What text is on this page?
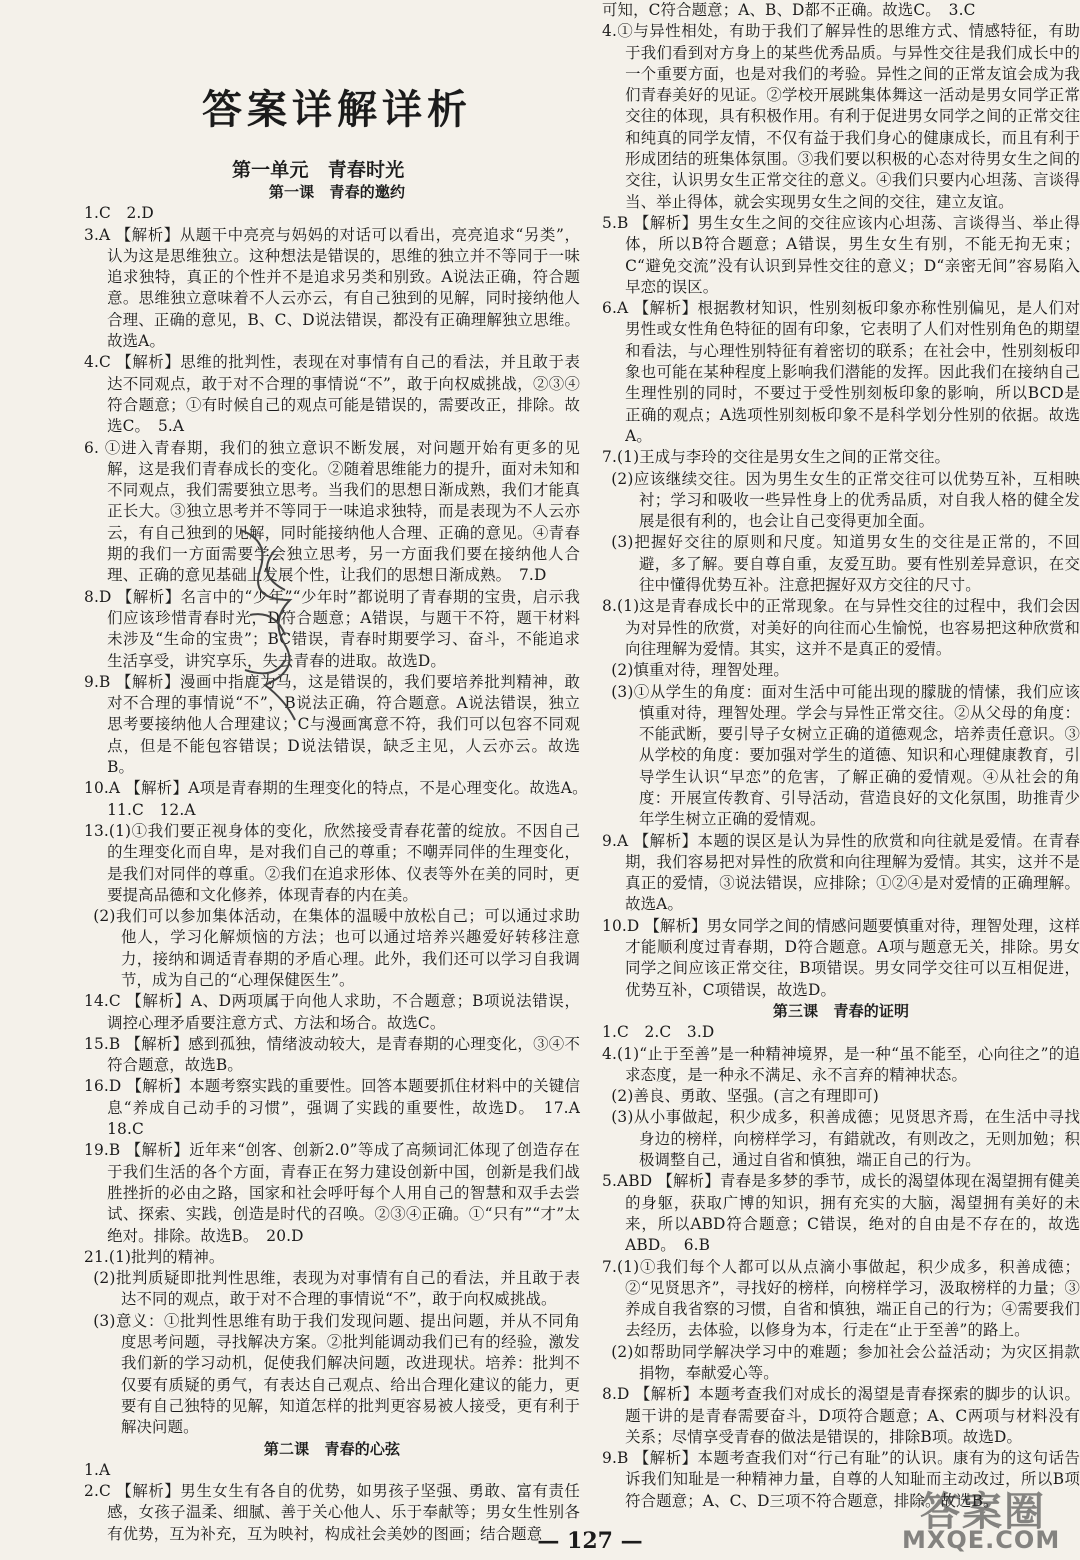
答案详解详析
第一单元　青春时光
第一课　青春的邀约

1.C　2.D

3.A 【解析】从题干中亮亮与妈妈的对话可以看出，亮亮追求“另类”，认为这是思维独立。这种想法是错误的，思维的独立并不等同于一味追求独特，真正的个性并不是追求另类和别致。A说法正确，符合题意。思维独立意味着不人云亦云，有自己独到的见解，同时接纳他人合理、正确的意见，B、C、D说法错误，都没有正确理解独立思维。故选A。

4.C 【解析】思维的批判性，表现在对事情有自己的看法，并且敢于表达不同观点，敢于对不合理的事情说“不”，敢于向权威挑战，②③④符合题意；①有时候自己的观点可能是错误的，需要改正，排除。故选C。　5.A

6. ①进入青春期，我们的独立意识不断发展，对问题开始有更多的见解，这是我们青春成长的变化。②随着思维能力的提升，面对未知和不同观点，我们需要独立思考。当我们的思想日渐成熟，我们才能真正长大。③独立思考并不等同于一味追求独特，而是表现为不人云亦云，有自己独到的见解，同时能接纳他人合理、正确的意见。④青春期的我们一方面需要学会独立思考，另一方面我们要在接纳他人合理、正确的意见基础上发展个性，让我们的思想日渐成熟。　7.D

8.D 【解析】名言中的“少年”“少年时”都说明了青春期的宝贵，启示我们应该珍惜青春时光，D符合题意；A错误，与题干不符，题干材料未涉及“生命的宝贵”；BC错误，青春时期要学习、奋斗，不能追求生活享受，讲究享乐，失去青春的进取。故选D。

9.B 【解析】漫画中指鹿为马，这是错误的，我们要培养批判精神，敢对不合理的事情说“不”，B说法正确，符合题意。A说法错误，独立思考要接纳他人合理建议；C与漫画寓意不符，我们可以包容不同观点，但是不能包容错误；D说法错误，缺乏主见，人云亦云。故选B。

10.A 【解析】A项是青春期的生理变化的特点，不是心理变化。故选A。　11.C　12.A

13.(1)①我们要正视身体的变化，欣然接受青春花蕾的绽放。不因自己的生理变化而自卑，是对我们自己的尊重；不嘲弄同伴的生理变化，是我们对同伴的尊重。②我们在追求形体、仪表等外在美的同时，更要提高品德和文化修养，体现青春的内在美。

(2)我们可以参加集体活动，在集体的温暖中放松自己；可以通过求助他人，学习化解烦恼的方法；也可以通过培养兴趣爱好转移注意力，接纳和调适青春期的矛盾心理。此外，我们还可以学习自我调节，成为自己的“心理保健医生”。

14.C 【解析】A、D两项属于向他人求助，不合题意；B项说法错误，调控心理矛盾要注意方式、方法和场合。故选C。

15.B 【解析】感到孤独，情绪波动较大，是青春期的心理变化，③④不符合题意，故选B。

16.D 【解析】本题考察实践的重要性。回答本题要抓住材料中的关键信息“养成自己动手的习惯”，强调了实践的重要性，故选D。　17.A　18.C

19.B 【解析】近年来“创客、创新2.0”等成了高频词汇体现了创造存在于我们生活的各个方面，青春正在努力建设创新中国，创新是我们战胜挫折的必由之路，国家和社会呼吁每个人用自己的智慧和双手去尝试、探索、实践，创造是时代的召唤。②③④正确。①“只有”“才”太绝对。排除。故选B。　20.D

21.(1)批判的精神。

(2)批判质疑即批判性思维，表现为对事情有自己的看法，并且敢于表达不同的观点，敢于对不合理的事情说“不”，敢于向权威挑战。

(3)意义：①批判性思维有助于我们发现问题、提出问题，并从不同角度思考问题，寻找解决方案。②批判能调动我们已有的经验，激发我们新的学习动机，促使我们解决问题，改进现状。培养：批判不仅要有质疑的勇气，有表达自己观点、给出合理化建议的能力，更要有自己独特的见解，知道怎样的批判更容易被人接受，更有利于解决问题。

第二课　青春的心弦

1.A

2.C 【解析】男生女生有各自的优势，如男孩子坚强、勇敢、富有责任感，女孩子温柔、细腻、善于关心他人、乐于奉献等；男女生性别各有优势，互为补充，互为映衬，构成社会美妙的图画；结合题意

可知，C符合题意；A、B、D都不正确。故选C。　3.C

4.①与异性相处，有助于我们了解异性的思维方式、情感特征，有助于我们看到对方身上的某些优秀品质。与异性交往是我们成长中的一个重要方面，也是对我们的考验。异性之间的正常友谊会成为我们青春美好的见证。②学校开展跳集体舞这一活动是男女同学正常交往的体现，具有积极作用。有利于促进男女同学之间的正常交往和纯真的同学友情，不仅有益于我们身心的健康成长，而且有利于形成团结的班集体氛围。③我们要以积极的心态对待男女生之间的交往，认识男女生正常交往的意义。④我们只要内心坦荡、言谈得当、举止得体，就会实现男女生之间的交往，建立友谊。

5.B 【解析】男生女生之间的交往应该内心坦荡、言谈得当、举止得体，所以B符合题意；A错误，男生女生有别，不能无拘无束；C“避免交流”没有认识到异性交往的意义；D“亲密无间”容易陷入早恋的误区。

6.A 【解析】根据教材知识，性别刻板印象亦称性别偏见，是人们对男性或女性角色特征的固有印象，它表明了人们对性别角色的期望和看法，与心理性别特征有着密切的联系；在社会中，性别刻板印象也可能在某种程度上影响我们潜能的发挥。因此我们在接纳自己生理性别的同时，不要过于受性别刻板印象的影响，所以BCD是正确的观点；A选项性别刻板印象不是科学划分性别的依据。故选A。

7.(1)王成与李玲的交往是男女生之间的正常交往。

(2)应该继续交往。因为男生女生的正常交往可以优势互补，互相映衬；学习和吸收一些异性身上的优秀品质，对自我人格的健全发展是很有利的，也会让自己变得更加全面。

(3)把握好交往的原则和尺度。知道男女生的交往是正常的，不回避，多了解。要自尊自重，友爱互助。要有性别差异意识，在交往中懂得优势互补。注意把握好双方交往的尺寸。

8.(1)这是青春成长中的正常现象。在与异性交往的过程中，我们会因为对异性的欣赏，对美好的向往而心生愉悦，也容易把这种欣赏和向往理解为爱情。其实，这并不是真正的爱情。

(2)慎重对待，理智处理。

(3)①从学生的角度：面对生活中可能出现的朦胧的情愫，我们应该慎重对待，理智处理。学会与异性正常交往。②从父母的角度：不能武断，要引导子女树立正确的道德观念，培养责任意识。③从学校的角度：要加强对学生的道德、知识和心理健康教育，引导学生认识“早恋”的危害，了解正确的爱情观。④从社会的角度：开展宣传教育、引导活动，营造良好的文化氛围，助推青少年学生树立正确的爱情观。

9.A 【解析】本题的误区是认为异性的欣赏和向往就是爱情。在青春期，我们容易把对异性的欣赏和向往理解为爱情。其实，这并不是真正的爱情，③说法错误，应排除；①②④是对爱情的正确理解。故选A。

10.D 【解析】男女同学之间的情感问题要慎重对待，理智处理，这样才能顺利度过青春期，D符合题意。A项与题意无关，排除。男女同学之间应该正常交往，B项错误。男女同学交往可以互相促进，优势互补，C项错误，故选D。

第三课　青春的证明

1.C　2.C　3.D

4.(1)“止于至善”是一种精神境界，是一种“虽不能至，心向往之”的追求态度，是一种永不满足、永不言弃的精神状态。

(2)善良、勇敢、坚强。(言之有理即可)

(3)从小事做起，积少成多，积善成德；见贤思齐焉，在生活中寻找身边的榜样，向榜样学习，有錯就改，有则改之，无则加勉；积极调整自己，通过自省和慎独，端正自己的行为。

5.ABD 【解析】青春是多梦的季节，成长的渴望体现在渴望拥有健美的身躯，获取广博的知识，拥有充实的大脑，渴望拥有美好的未来，所以ABD符合题意；C错误，绝对的自由是不存在的，故选ABD。　6.B

7.(1)①我们每个人都可以从点滴小事做起，积少成多，积善成德；②“见贤思齐”，寻找好的榜样，向榜样学习，汲取榜样的力量；③养成自我省察的习惯，自省和慎独，端正自己的行为；④需要我们去经历，去体验，以修身为本，行走在“止于至善”的路上。

(2)如帮助同学解决学习中的难题；参加社会公益活动；为灾区捐款捐物，奉献爱心等。

8.D 【解析】本题考查我们对成长的渴望是青春探索的脚步的认识。题干讲的是青春需要奋斗，D项符合题意；A、C两项与材料没有关系；尽情享受青春的做法是错误的，排除B项。故选D。

9.B 【解析】本题考查我们对“行己有耻”的认识。康有为的这句话告诉我们知耻是一种精神力量，自尊的人知耻而主动改过，所以B项符合题意；A、C、D三项不符合题意，排除。故选B。

— 127 —
答案圈
MXQE.COM
